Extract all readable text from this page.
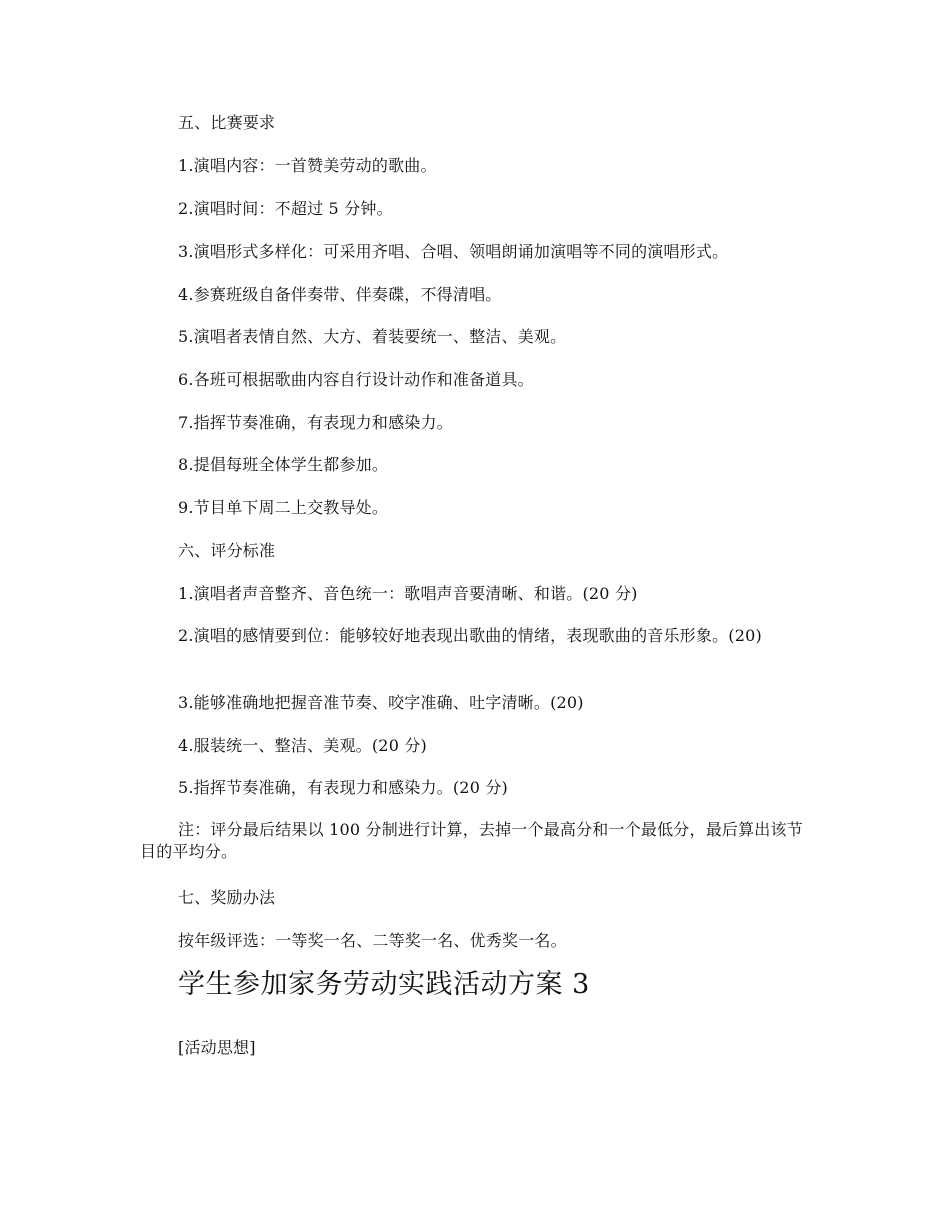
五、比赛要求
1.演唱内容：一首赞美劳动的歌曲。
2.演唱时间：不超过 5 分钟。
3.演唱形式多样化：可采用齐唱、合唱、领唱朗诵加演唱等不同的演唱形式。
4.参赛班级自备伴奏带、伴奏碟，不得清唱。
5.演唱者表情自然、大方、着装要统一、整洁、美观。
6.各班可根据歌曲内容自行设计动作和准备道具。
7.指挥节奏准确，有表现力和感染力。
8.提倡每班全体学生都参加。
9.节目单下周二上交教导处。
六、评分标准
1.演唱者声音整齐、音色统一：歌唱声音要清晰、和谐。(20 分)

2.演唱的感情要到位：能够较好地表现出歌曲的情绪，表现歌曲的音乐形象。(20)

3.能够准确地把握音准节奏、咬字准确、吐字清晰。(20)
4.服装统一、整洁、美观。(20 分)
5.指挥节奏准确，有表现力和感染力。(20 分)

注：评分最后结果以 100 分制进行计算，去掉一个最高分和一个最低分，最后算出该节目的平均分。

七、奖励办法
按年级评选：一等奖一名、二等奖一名、优秀奖一名。
学生参加家务劳动实践活动方案 3
[活动思想]
